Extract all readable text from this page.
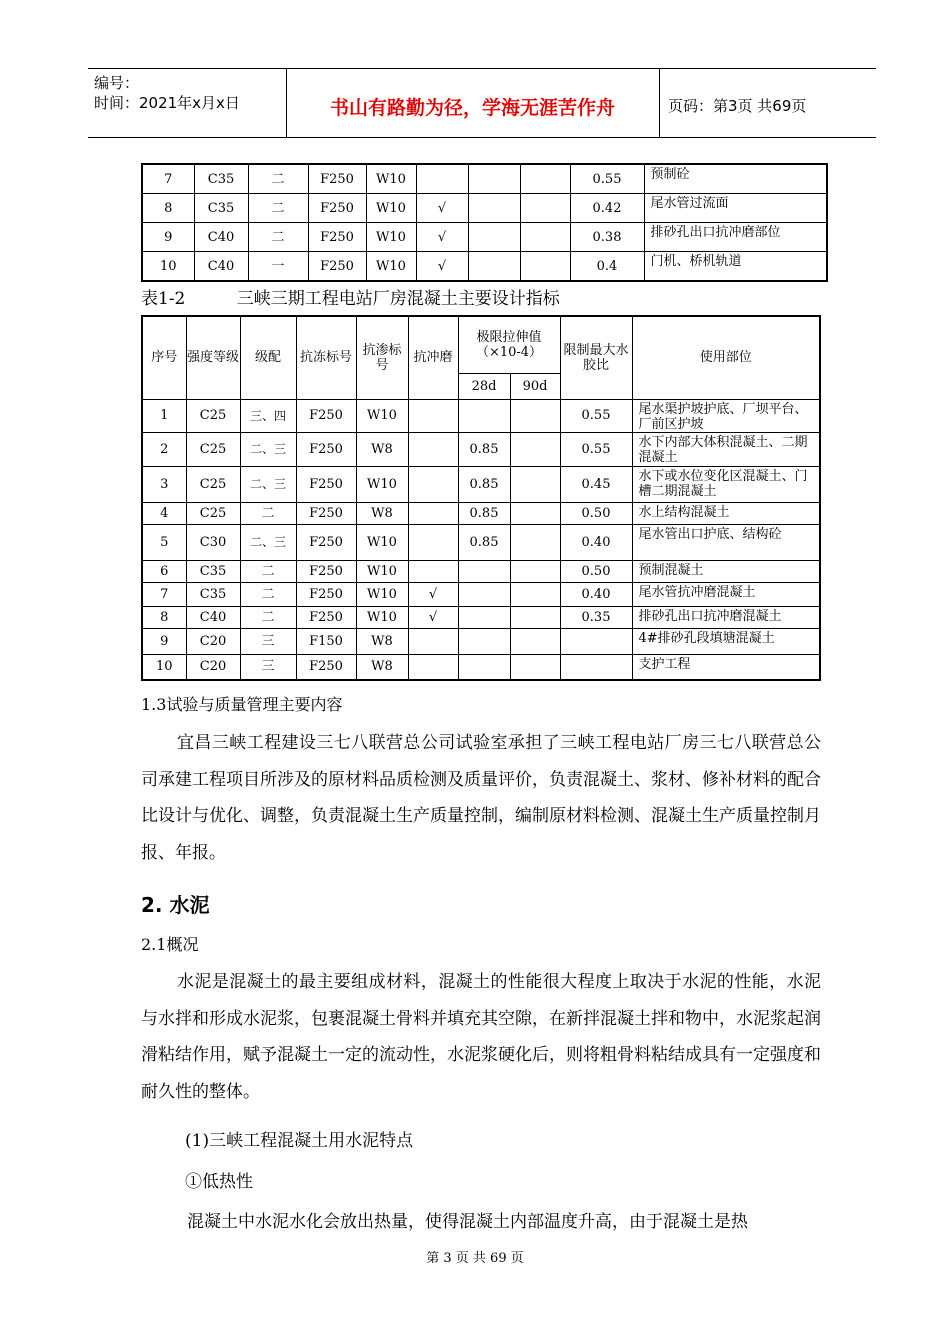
编号：
时间：2021年x月x日	书山有路勤为径，学海无涯苦作舟	页码：第3页 共69页
7	C35	二	F250	W10				0.55	预制砼
8	C35	二	F250	W10	√			0.42	尾水管过流面
9	C40	二	F250	W10	√			0.38	排砂孔出口抗冲磨部位
10	C40	一	F250	W10	√			0.4	门机、桥机轨道
表1-2	三峡三期工程电站厂房混凝土主要设计指标
序号	强度等级	级配	抗冻标号	抗渗标号	抗冲磨	极限拉伸值（×10-4）		限制最大水胶比	使用部位
						28d	90d		
1	C25	三、四	F250	W10				0.55	尾水渠护坡护底、厂坝平台、厂前区护坡
2	C25	二、三	F250	W8		0.85		0.55	水下内部大体积混凝土、二期混凝土
3	C25	二、三	F250	W10		0.85		0.45	水下或水位变化区混凝土、门槽二期混凝土
4	C25	二	F250	W8		0.85		0.50	水上结构混凝土
5	C30	二、三	F250	W10		0.85		0.40	尾水管出口护底、结构砼
6	C35	二	F250	W10				0.50	预制混凝土
7	C35	二	F250	W10	√			0.40	尾水管抗冲磨混凝土
8	C40	二	F250	W10	√			0.35	排砂孔出口抗冲磨混凝土
9	C20	三	F150	W8					4#排砂孔段填塘混凝土
10	C20	三	F250	W8					支护工程
1.3试验与质量管理主要内容
宜昌三峡工程建设三七八联营总公司试验室承担了三峡工程电站厂房三七八联营总公司承建工程项目所涉及的原材料品质检测及质量评价，负责混凝土、浆材、修补材料的配合比设计与优化、调整，负责混凝土生产质量控制，编制原材料检测、混凝土生产质量控制月报、年报。
2. 水泥
2.1概况
水泥是混凝土的最主要组成材料，混凝土的性能很大程度上取决于水泥的性能，水泥与水拌和形成水泥浆，包裹混凝土骨料并填充其空隙，在新拌混凝土拌和物中，水泥浆起润滑粘结作用，赋予混凝土一定的流动性，水泥浆硬化后，则将粗骨料粘结成具有一定强度和耐久性的整体。
(1)三峡工程混凝土用水泥特点
①低热性
混凝土中水泥水化会放出热量，使得混凝土内部温度升高，由于混凝土是热
第 3 页 共 69 页
